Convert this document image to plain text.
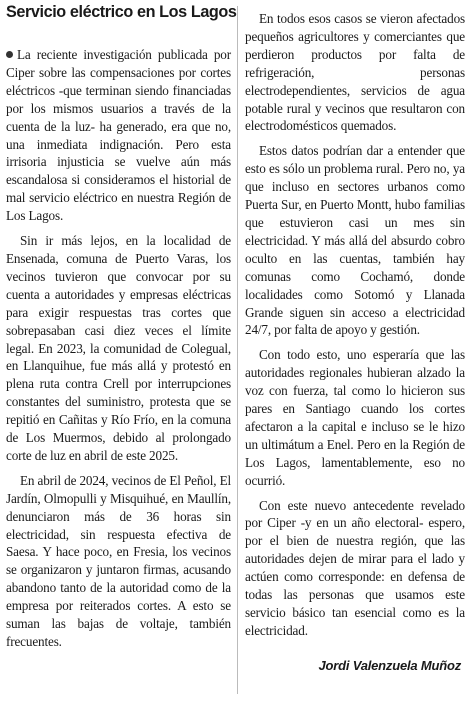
Servicio eléctrico en Los Lagos

La reciente investigación publicada por Ciper sobre las compensaciones por cortes eléctricos -que terminan siendo financiadas por los mismos usuarios a través de la cuenta de la luz- ha generado, era que no, una inmediata indignación. Pero esta irrisoria injusticia se vuelve aún más escandalosa si consideramos el historial de mal servicio eléctrico en nuestra Región de Los Lagos.

Sin ir más lejos, en la localidad de Ensenada, comuna de Puerto Varas, los vecinos tuvieron que convocar por su cuenta a autoridades y empresas eléctricas para exigir respuestas tras cortes que sobrepasaban casi diez veces el límite legal. En 2023, la comunidad de Colegual, en Llanquihue, fue más allá y protestó en plena ruta contra Crell por interrupciones constantes del suministro, protesta que se repitió en Cañitas y Río Frío, en la comuna de Los Muermos, debido al prolongado corte de luz en abril de este 2025.

En abril de 2024, vecinos de El Peñol, El Jardín, Olmopulli y Misquihué, en Maullín, denunciaron más de 36 horas sin electricidad, sin respuesta efectiva de Saesa. Y hace poco, en Fresia, los vecinos se organizaron y juntaron firmas, acusando abandono tanto de la autoridad como de la empresa por reiterados cortes. A esto se suman las bajas de voltaje, también frecuentes.

En todos esos casos se vieron afectados pequeños agricultores y comerciantes que perdieron productos por falta de refrigeración, personas electrodependientes, servicios de agua potable rural y vecinos que resultaron con electrodomésticos quemados.

Estos datos podrían dar a entender que esto es sólo un problema rural. Pero no, ya que incluso en sectores urbanos como Puerta Sur, en Puerto Montt, hubo familias que estuvieron casi un mes sin electricidad. Y más allá del absurdo cobro oculto en las cuentas, también hay comunas como Cochamó, donde localidades como Sotomó y Llanada Grande siguen sin acceso a electricidad 24/7, por falta de apoyo y gestión.

Con todo esto, uno esperaría que las autoridades regionales hubieran alzado la voz con fuerza, tal como lo hicieron sus pares en Santiago cuando los cortes afectaron a la capital e incluso se le hizo un ultimátum a Enel. Pero en la Región de Los Lagos, lamentablemente, eso no ocurrió.

Con este nuevo antecedente revelado por Ciper -y en un año electoral- espero, por el bien de nuestra región, que las autoridades dejen de mirar para el lado y actúen como corresponde: en defensa de todas las personas que usamos este servicio básico tan esencial como es la electricidad.

Jordi Valenzuela Muñoz
